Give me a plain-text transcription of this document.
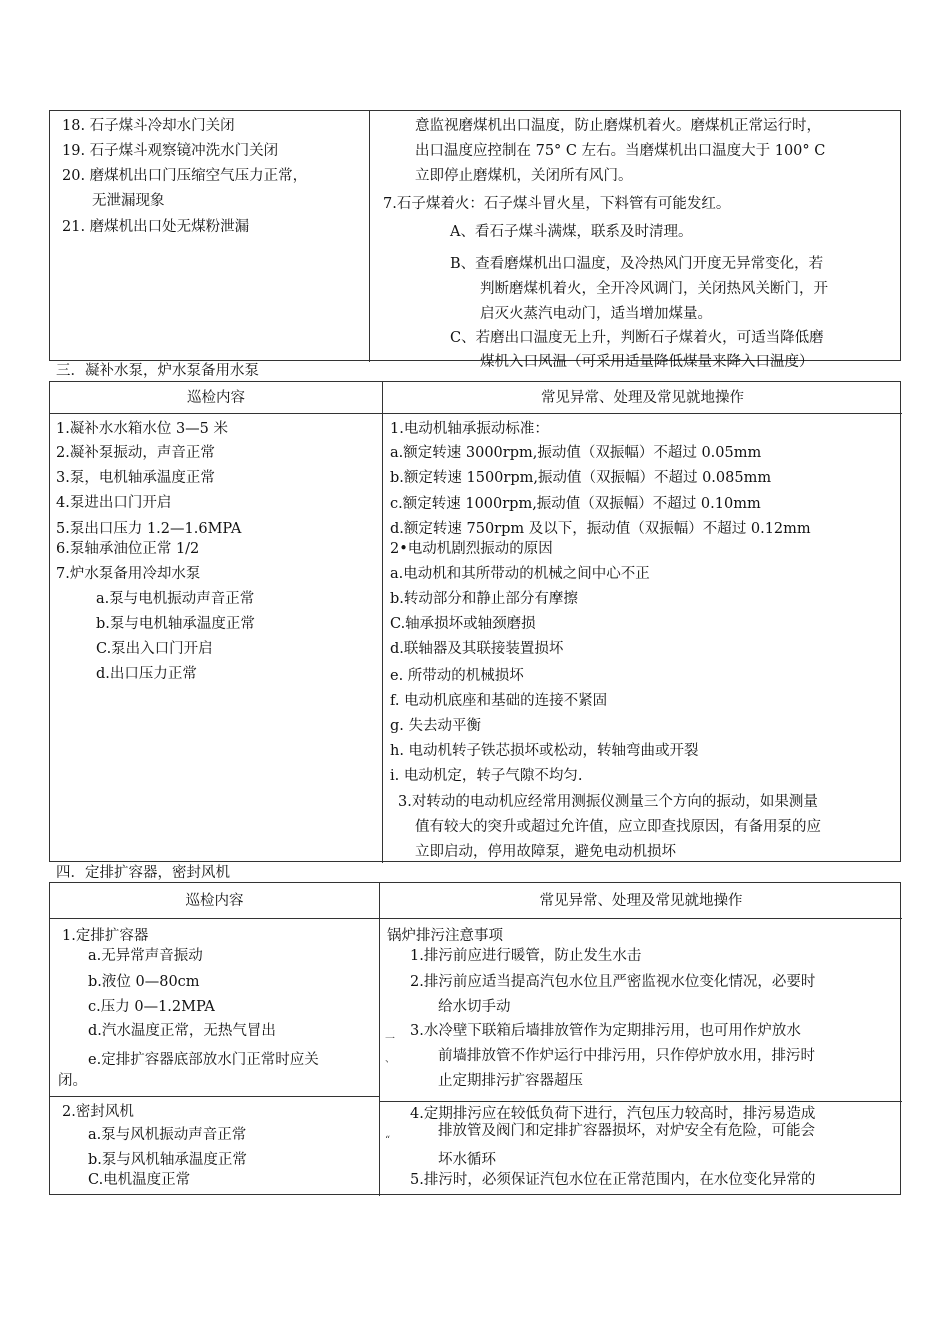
18. 石子煤斗冷却水门关闭
19. 石子煤斗观察镜冲洗水门关闭
20. 磨煤机出口门压缩空气压力正常，
无泄漏现象
21. 磨煤机出口处无煤粉泄漏
意监视磨煤机出口温度，防止磨煤机着火。磨煤机正常运行时，
出口温度应控制在 75° C 左右。当磨煤机出口温度大于 100° C
立即停止磨煤机，关闭所有风门。
7.石子煤着火：石子煤斗冒火星，下料管有可能发红。
A、看石子煤斗满煤，联系及时清理。
B、查看磨煤机出口温度，及冷热风门开度无异常变化，若
判断磨煤机着火，全开冷风调门，关闭热风关断门，开
启灭火蒸汽电动门，适当增加煤量。
C、若磨出口温度无上升，判断石子煤着火，可适当降低磨
煤机入口风温（可采用适量降低煤量来降入口温度）
三．凝补水泵，炉水泵备用水泵
巡检内容	常见异常、处理及常见就地操作
1.凝补水水箱水位 3—5 米
2.凝补泵振动，声音正常
3.泵，电机轴承温度正常
4.泵进出口门开启
5.泵出口压力 1.2—1.6MPA
6.泵轴承油位正常 1/2
7.炉水泵备用冷却水泵
a.泵与电机振动声音正常
b.泵与电机轴承温度正常
C.泵出入口门开启
d.出口压力正常
1.电动机轴承振动标准：
a.额定转速 3000rpm,振动值（双振幅）不超过 0.05mm
b.额定转速 1500rpm,振动值（双振幅）不超过 0.085mm
c.额定转速 1000rpm,振动值（双振幅）不超过 0.10mm
d.额定转速 750rpm 及以下，振动值（双振幅）不超过 0.12mm
2•电动机剧烈振动的原因
a.电动机和其所带动的机械之间中心不正
b.转动部分和静止部分有摩擦
C.轴承损坏或轴颈磨损
d.联轴器及其联接装置损坏
e. 所带动的机械损坏
f. 电动机底座和基础的连接不紧固
g. 失去动平衡
h. 电动机转子铁芯损坏或松动，转轴弯曲或开裂
i. 电动机定，转子气隙不均匀.
3.对转动的电动机应经常用测振仪测量三个方向的振动，如果测量
值有较大的突升或超过允许值，应立即查找原因，有备用泵的应
立即启动，停用故障泵，避免电动机损坏
四．定排扩容器，密封风机
巡检内容	常见异常、处理及常见就地操作
1.定排扩容器
a.无异常声音振动
b.液位 0—80cm
c.压力 0—1.2MPA
d.汽水温度正常，无热气冒出
e.定排扩容器底部放水门正常时应关
闭。
2.密封风机
a.泵与风机振动声音正常
b.泵与风机轴承温度正常
C.电机温度正常
锅炉排污注意事项
1.排污前应进行暖管，防止发生水击
2.排污前应适当提高汽包水位且严密监视水位变化情况，必要时
给水切手动
3.水冷壁下联箱后墙排放管作为定期排污用，也可用作炉放水
前墙排放管不作炉运行中排污用，只作停炉放水用，排污时
止定期排污扩容器超压
4.定期排污应在较低负荷下进行，汽包压力较高时，排污易造成
排放管及阀门和定排扩容器损坏，对炉安全有危险，可能会
坏水循环
5.排污时，必须保证汽包水位在正常范围内，在水位变化异常的
一
、
“
